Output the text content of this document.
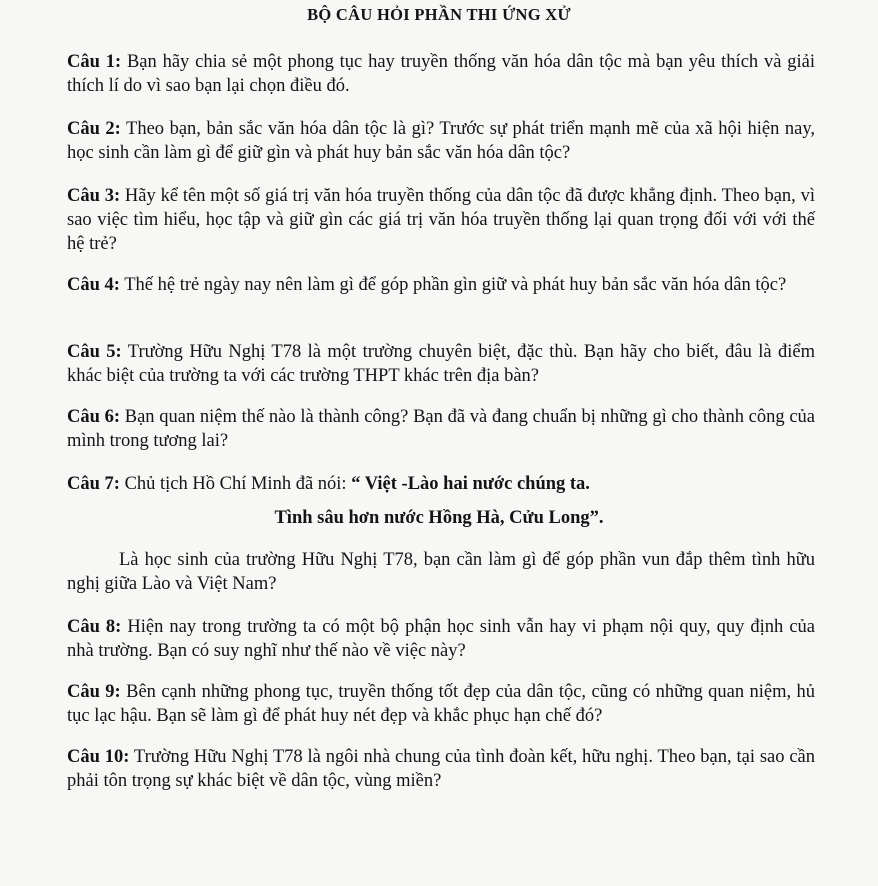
BỘ CÂU HỎI PHẦN THI ỨNG XỬ

Câu 1: Bạn hãy chia sẻ một phong tục hay truyền thống văn hóa dân tộc mà bạn yêu thích và giải thích lí do vì sao bạn lại chọn điều đó.

Câu 2: Theo bạn, bản sắc văn hóa dân tộc là gì? Trước sự phát triển mạnh mẽ của xã hội hiện nay, học sinh cần làm gì để giữ gìn và phát huy bản sắc văn hóa dân tộc?

Câu 3: Hãy kể tên một số giá trị văn hóa truyền thống của dân tộc đã được khẳng định. Theo bạn, vì sao việc tìm hiểu, học tập và giữ gìn các giá trị văn hóa truyền thống lại quan trọng đối với với thế hệ trẻ?

Câu 4: Thế hệ trẻ ngày nay nên làm gì để góp phần gìn giữ và phát huy bản sắc văn hóa dân tộc?

Câu 5: Trường Hữu Nghị T78 là một trường chuyên biệt, đặc thù. Bạn hãy cho biết, đâu là điểm khác biệt của trường ta với các trường THPT khác trên địa bàn?

Câu 6: Bạn quan niệm thế nào là thành công? Bạn đã và đang chuẩn bị những gì cho thành công của mình trong tương lai?

Câu 7: Chủ tịch Hồ Chí Minh đã nói: “ Việt -Lào hai nước chúng ta.

Tình sâu hơn nước Hồng Hà, Cửu Long”.

Là học sinh của trường Hữu Nghị T78, bạn cần làm gì để góp phần vun đắp thêm tình hữu nghị giữa Lào và Việt Nam?

Câu 8: Hiện nay trong trường ta có một bộ phận học sinh vẫn hay vi phạm nội quy, quy định của nhà trường. Bạn có suy nghĩ như thế nào về việc này?

Câu 9: Bên cạnh những phong tục, truyền thống tốt đẹp của dân tộc, cũng có những quan niệm, hủ tục lạc hậu. Bạn sẽ làm gì để phát huy nét đẹp và khắc phục hạn chế đó?

Câu 10: Trường Hữu Nghị T78 là ngôi nhà chung của tình đoàn kết, hữu nghị. Theo bạn, tại sao cần phải tôn trọng sự khác biệt về dân tộc, vùng miền?
